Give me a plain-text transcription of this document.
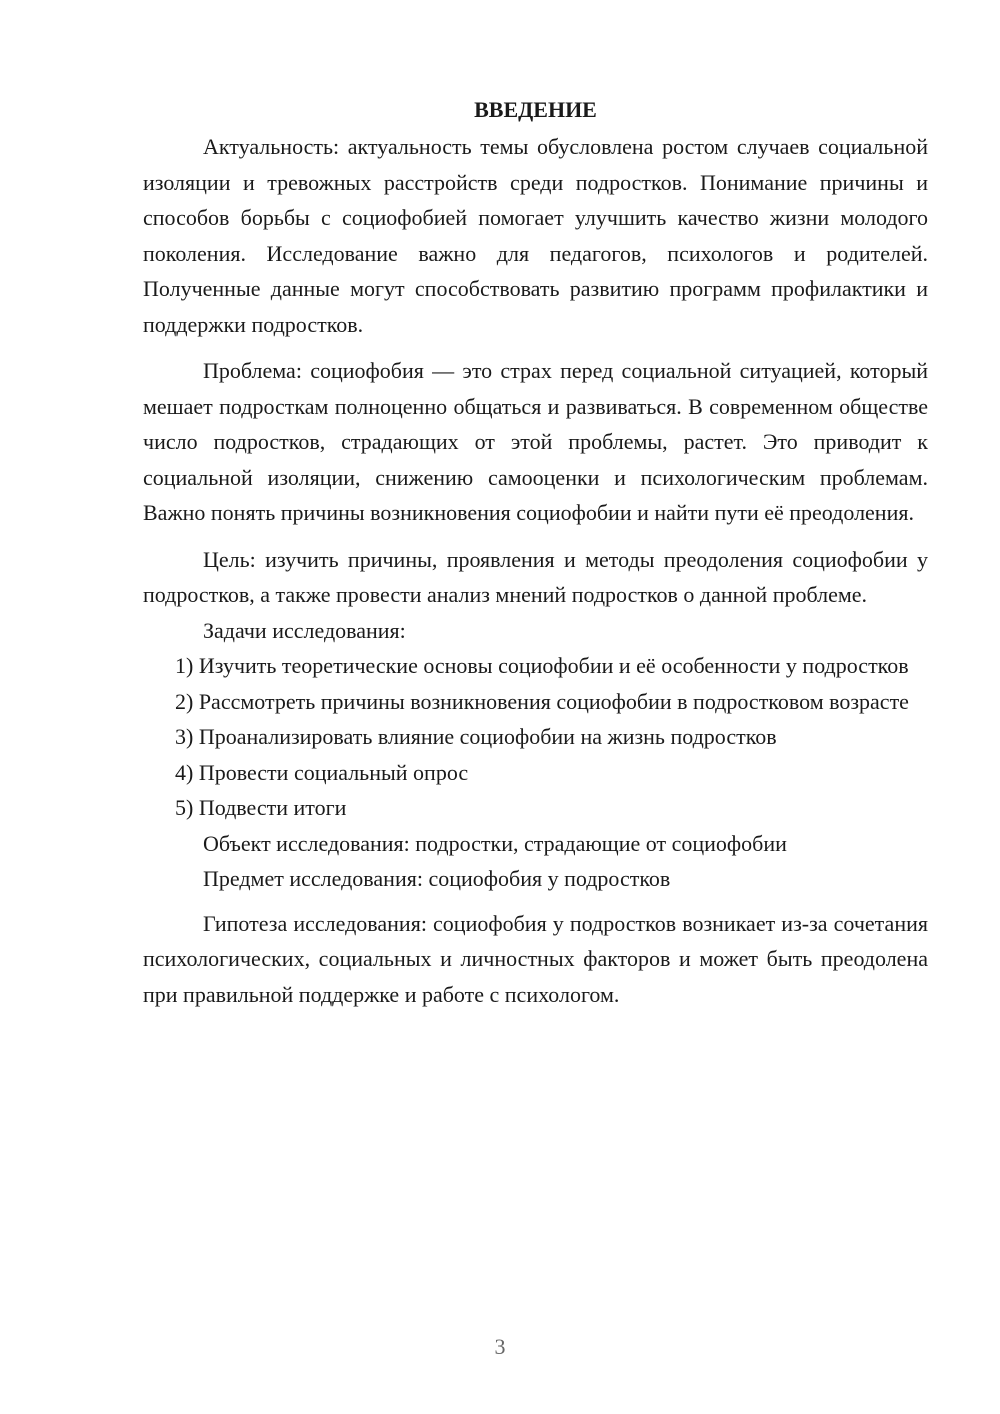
ВВЕДЕНИЕ

Актуальность: актуальность темы обусловлена ростом случаев социальной изоляции и тревожных расстройств среди подростков. Понимание причины и способов борьбы с социофобией помогает улучшить качество жизни молодого поколения. Исследование важно для педагогов, психологов и родителей. Полученные данные могут способствовать развитию программ профилактики и поддержки подростков.

Проблема: социофобия — это страх перед социальной ситуацией, который мешает подросткам полноценно общаться и развиваться. В современном обществе число подростков, страдающих от этой проблемы, растет. Это приводит к социальной изоляции, снижению самооценки и психологическим проблемам. Важно понять причины возникновения социофобии и найти пути её преодоления.

Цель: изучить причины, проявления и методы преодоления социофобии у подростков, а также провести анализ мнений подростков о данной проблеме.

Задачи исследования:

1) Изучить теоретические основы социофобии и её особенности у подростков

2) Рассмотреть причины возникновения социофобии в подростковом возрасте

3) Проанализировать влияние социофобии на жизнь подростков

4) Провести социальный опрос

5) Подвести итоги

Объект исследования: подростки, страдающие от социофобии

Предмет исследования: социофобия у подростков

Гипотеза исследования: социофобия у подростков возникает из-за сочетания психологических, социальных и личностных факторов и может быть преодолена при правильной поддержке и работе с психологом.

3
